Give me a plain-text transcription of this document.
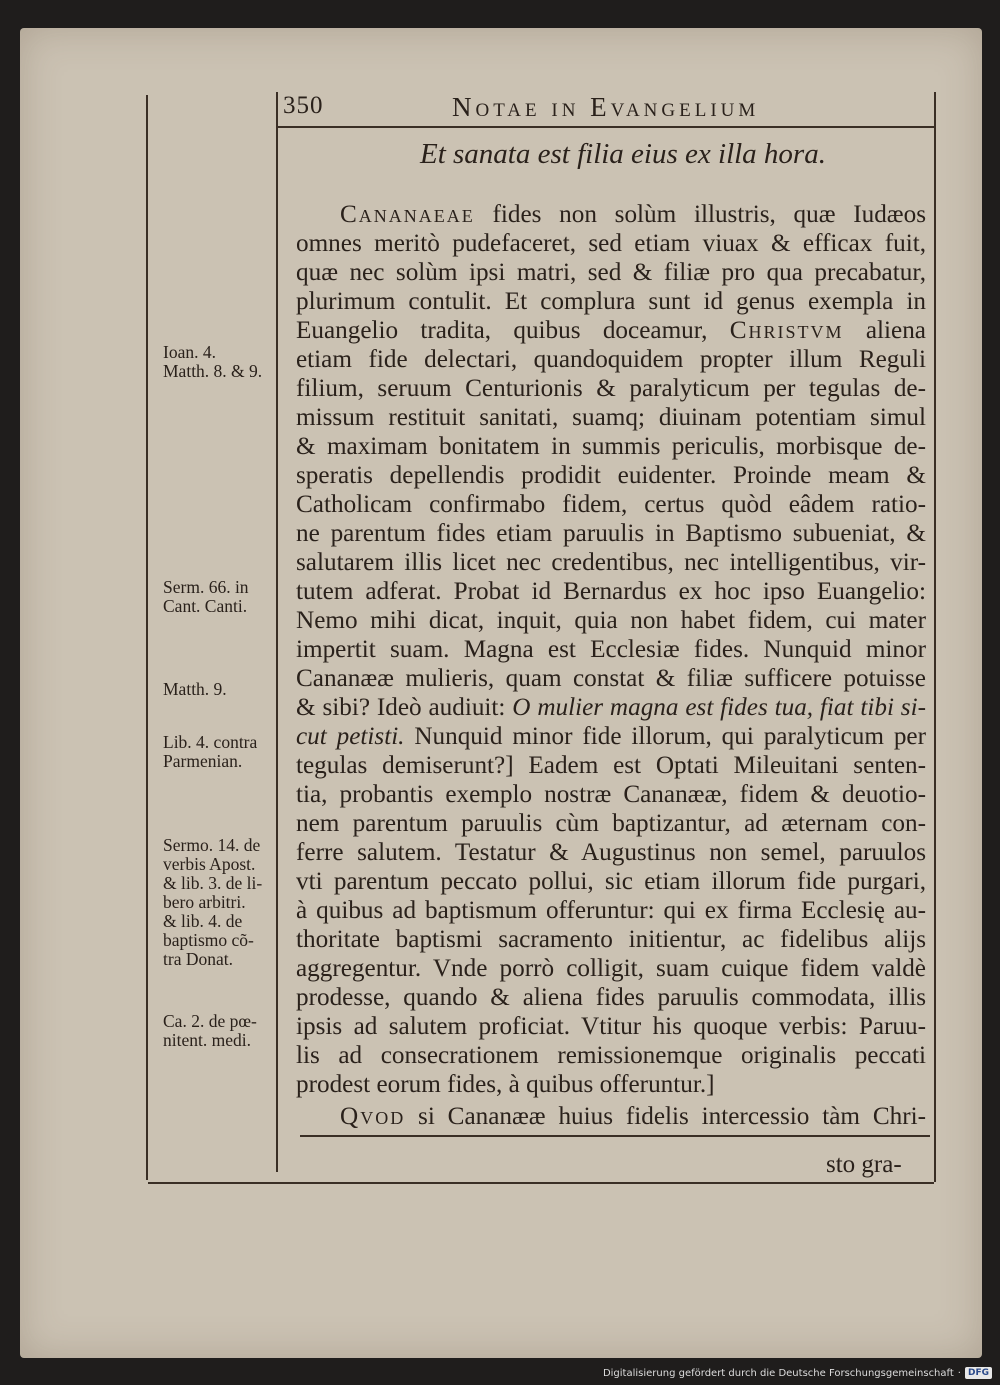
350	Notae in Evangelium
Et sanata est filia eius ex illa hora.
Cananaeae fides non solùm illustris, quæ Iudæos
omnes meritò pudefaceret, sed etiam viuax & efficax fuit,
quæ nec solùm ipsi matri, sed & filiæ pro qua precabatur,
plurimum contulit. Et complura sunt id genus exempla in
Euangelio tradita, quibus doceamur, Christvm aliena
etiam fide delectari, quandoquidem propter illum Reguli
filium, seruum Centurionis & paralyticum per tegulas de-
missum restituit sanitati, suamq; diuinam potentiam simul
& maximam bonitatem in summis periculis, morbisque de-
speratis depellendis prodidit euidenter. Proinde meam &
Catholicam confirmabo fidem, certus quòd eâdem ratio-
ne parentum fides etiam paruulis in Baptismo subueniat, &
salutarem illis licet nec credentibus, nec intelligentibus, vir-
tutem adferat. Probat id Bernardus ex hoc ipso Euangelio:
Nemo mihi dicat, inquit, quia non habet fidem, cui mater
impertit suam. Magna est Ecclesiæ fides. Nunquid minor
Cananææ mulieris, quam constat & filiæ sufficere potuisse
& sibi? Ideò audiuit: O mulier magna est fides tua, fiat tibi si-
cut petisti. Nunquid minor fide illorum, qui paralyticum per
tegulas demiserunt?] Eadem est Optati Mileuitani senten-
tia, probantis exemplo nostræ Cananææ, fidem & deuotio-
nem parentum paruulis cùm baptizantur, ad æternam con-
ferre salutem. Testatur & Augustinus non semel, paruulos
vti parentum peccato pollui, sic etiam illorum fide purgari,
à quibus ad baptismum offeruntur: qui ex firma Ecclesię au-
thoritate baptismi sacramento initientur, ac fidelibus alijs
aggregentur. Vnde porrò colligit, suam cuique fidem valdè
prodesse, quando & aliena fides paruulis commodata, illis
ipsis ad salutem proficiat. Vtitur his quoque verbis: Paruu-
lis ad consecrationem remissionemque originalis peccati
prodest eorum fides, à quibus offeruntur.]
Qvod si Cananææ huius fidelis intercessio tàm Chri-
Ioan. 4.
Matth. 8. & 9.
Serm. 66. in
Cant. Canti.
Matth. 9.
Lib. 4. contra
Parmenian.
Sermo. 14. de
verbis Apost.
& lib. 3. de li-
bero arbitri.
& lib. 4. de
baptismo cõ-
tra Donat.
Ca. 2. de pœ-
nitent. medi.
sto gra-
Digitalisierung gefördert durch die Deutsche Forschungsgemeinschaft · DFG
